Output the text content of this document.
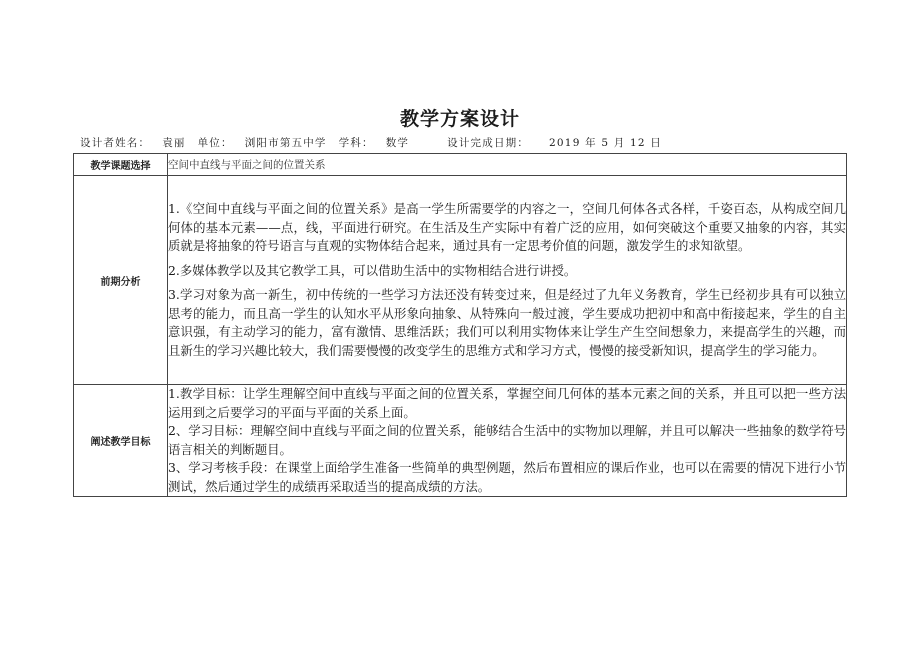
教学方案设计
设计者姓名： 袁丽 单位： 浏阳市第五中学 学科： 数学	设计完成日期： 2019 年 5 月 12 日
教学课题选择	空间中直线与平面之间的位置关系
前期分析	1.《空间中直线与平面之间的位置关系》是高一学生所需要学的内容之一，空间几何体各式各样，千姿百态，从构成空间几何体的基本元素——点，线，平面进行研究。在生活及生产实际中有着广泛的应用，如何突破这个重要又抽象的内容，其实质就是将抽象的符号语言与直观的实物体结合起来，通过具有一定思考价值的问题，激发学生的求知欲望。

2.多媒体教学以及其它教学工具，可以借助生活中的实物相结合进行讲授。

3.学习对象为高一新生，初中传统的一些学习方法还没有转变过来，但是经过了九年义务教育，学生已经初步具有可以独立思考的能力，而且高一学生的认知水平从形象向抽象、从特殊向一般过渡，学生要成功把初中和高中衔接起来，学生的自主意识强，有主动学习的能力，富有激情、思维活跃；我们可以利用实物体来让学生产生空间想象力，来提高学生的兴趣，而且新生的学习兴趣比较大，我们需要慢慢的改变学生的思维方式和学习方式，慢慢的接受新知识，提高学生的学习能力。

阐述教学目标	1.教学目标：让学生理解空间中直线与平面之间的位置关系，掌握空间几何体的基本元素之间的关系，并且可以把一些方法运用到之后要学习的平面与平面的关系上面。

2、学习目标：理解空间中直线与平面之间的位置关系，能够结合生活中的实物加以理解，并且可以解决一些抽象的数学符号语言相关的判断题目。

3、学习考核手段：在课堂上面给学生准备一些简单的典型例题，然后布置相应的课后作业，也可以在需要的情况下进行小节测试，然后通过学生的成绩再采取适当的提高成绩的方法。
